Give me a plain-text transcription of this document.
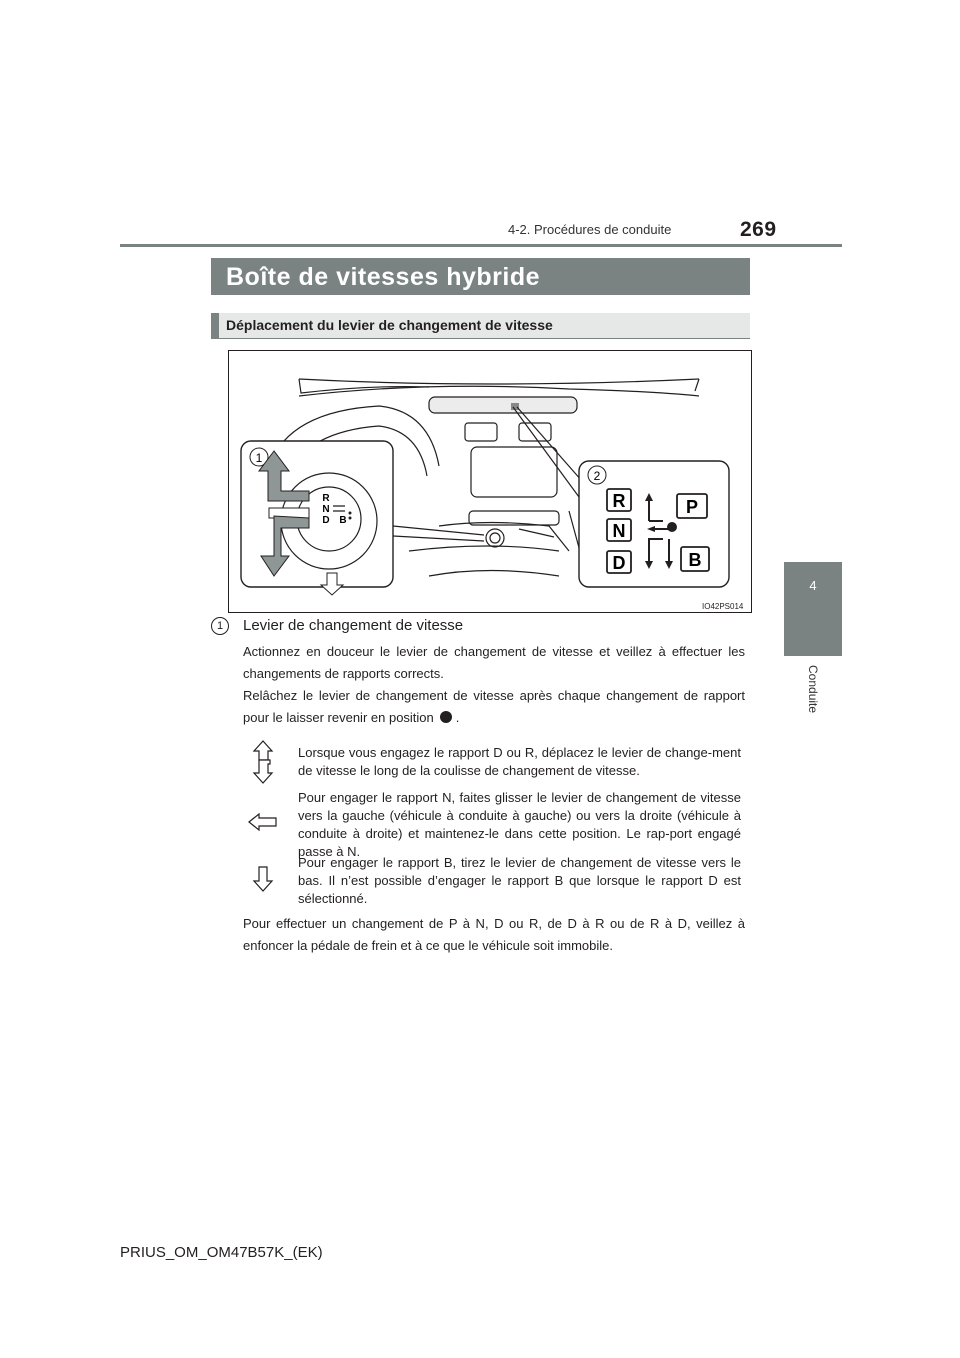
4-2. Procédures de conduite	269
4
Conduite
Boîte de vitesses hybride
Déplacement du levier de changement de vitesse
1
R
N
D B
2
R
N
D
P
B
IO42PS014
1	Levier de changement de vitesse
Actionnez en douceur le levier de changement de vitesse et veillez à effectuer les changements de rapports corrects.
Relâchez le levier de changement de vitesse après chaque changement de rapport pour le laisser revenir en position .
Lorsque vous engagez le rapport D ou R, déplacez le levier de change-ment de vitesse le long de la coulisse de changement de vitesse.
Pour engager le rapport N, faites glisser le levier de changement de vitesse vers la gauche (véhicule à conduite à gauche) ou vers la droite (véhicule à conduite à droite) et maintenez-le dans cette position. Le rap-port engagé passe à N.
Pour engager le rapport B, tirez le levier de changement de vitesse vers le bas. Il n’est possible d’engager le rapport B que lorsque le rapport D est sélectionné.
Pour effectuer un changement de P à N, D ou R, de D à R ou de R à D, veillez à enfoncer la pédale de frein et à ce que le véhicule soit immobile.
PRIUS_OM_OM47B57K_(EK)
